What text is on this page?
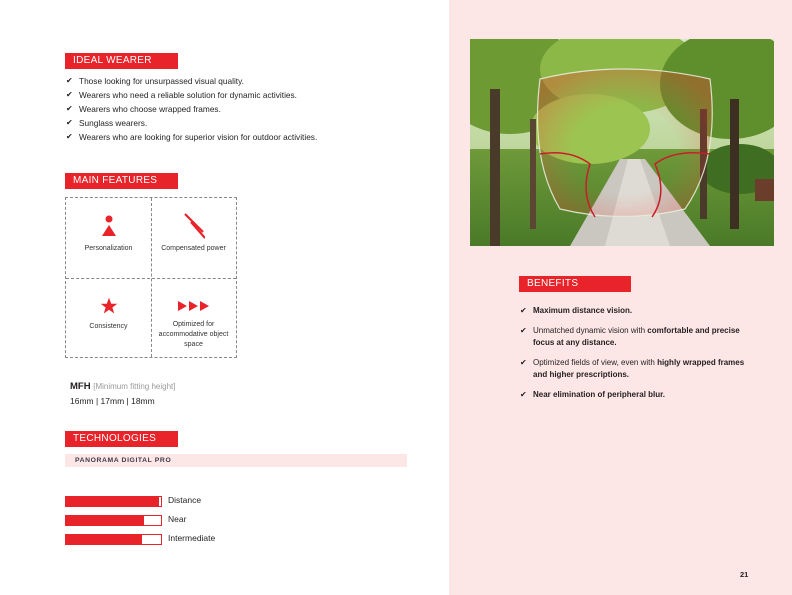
IDEAL WEARER
✔ Those looking for unsurpassed visual quality.
✔ Wearers who need a reliable solution for dynamic activities.
✔ Wearers who choose wrapped frames.
✔ Sunglass wearers.
✔ Wearers who are looking for superior vision for outdoor activities.
MAIN FEATURES
Personalization	Compensated power
Consistency	Optimized for accommodative object space
MFH [Minimum fitting height]
16mm | 17mm | 18mm
TECHNOLOGIES
PANORAMA DIGITAL PRO
Distance
Near
Intermediate
BENEFITS
✔ Maximum distance vision.
✔ Unmatched dynamic vision with comfortable and precise focus at any distance.
✔ Optimized fields of view, even with highly wrapped frames and higher prescriptions.
✔ Near elimination of peripheral blur.
21
